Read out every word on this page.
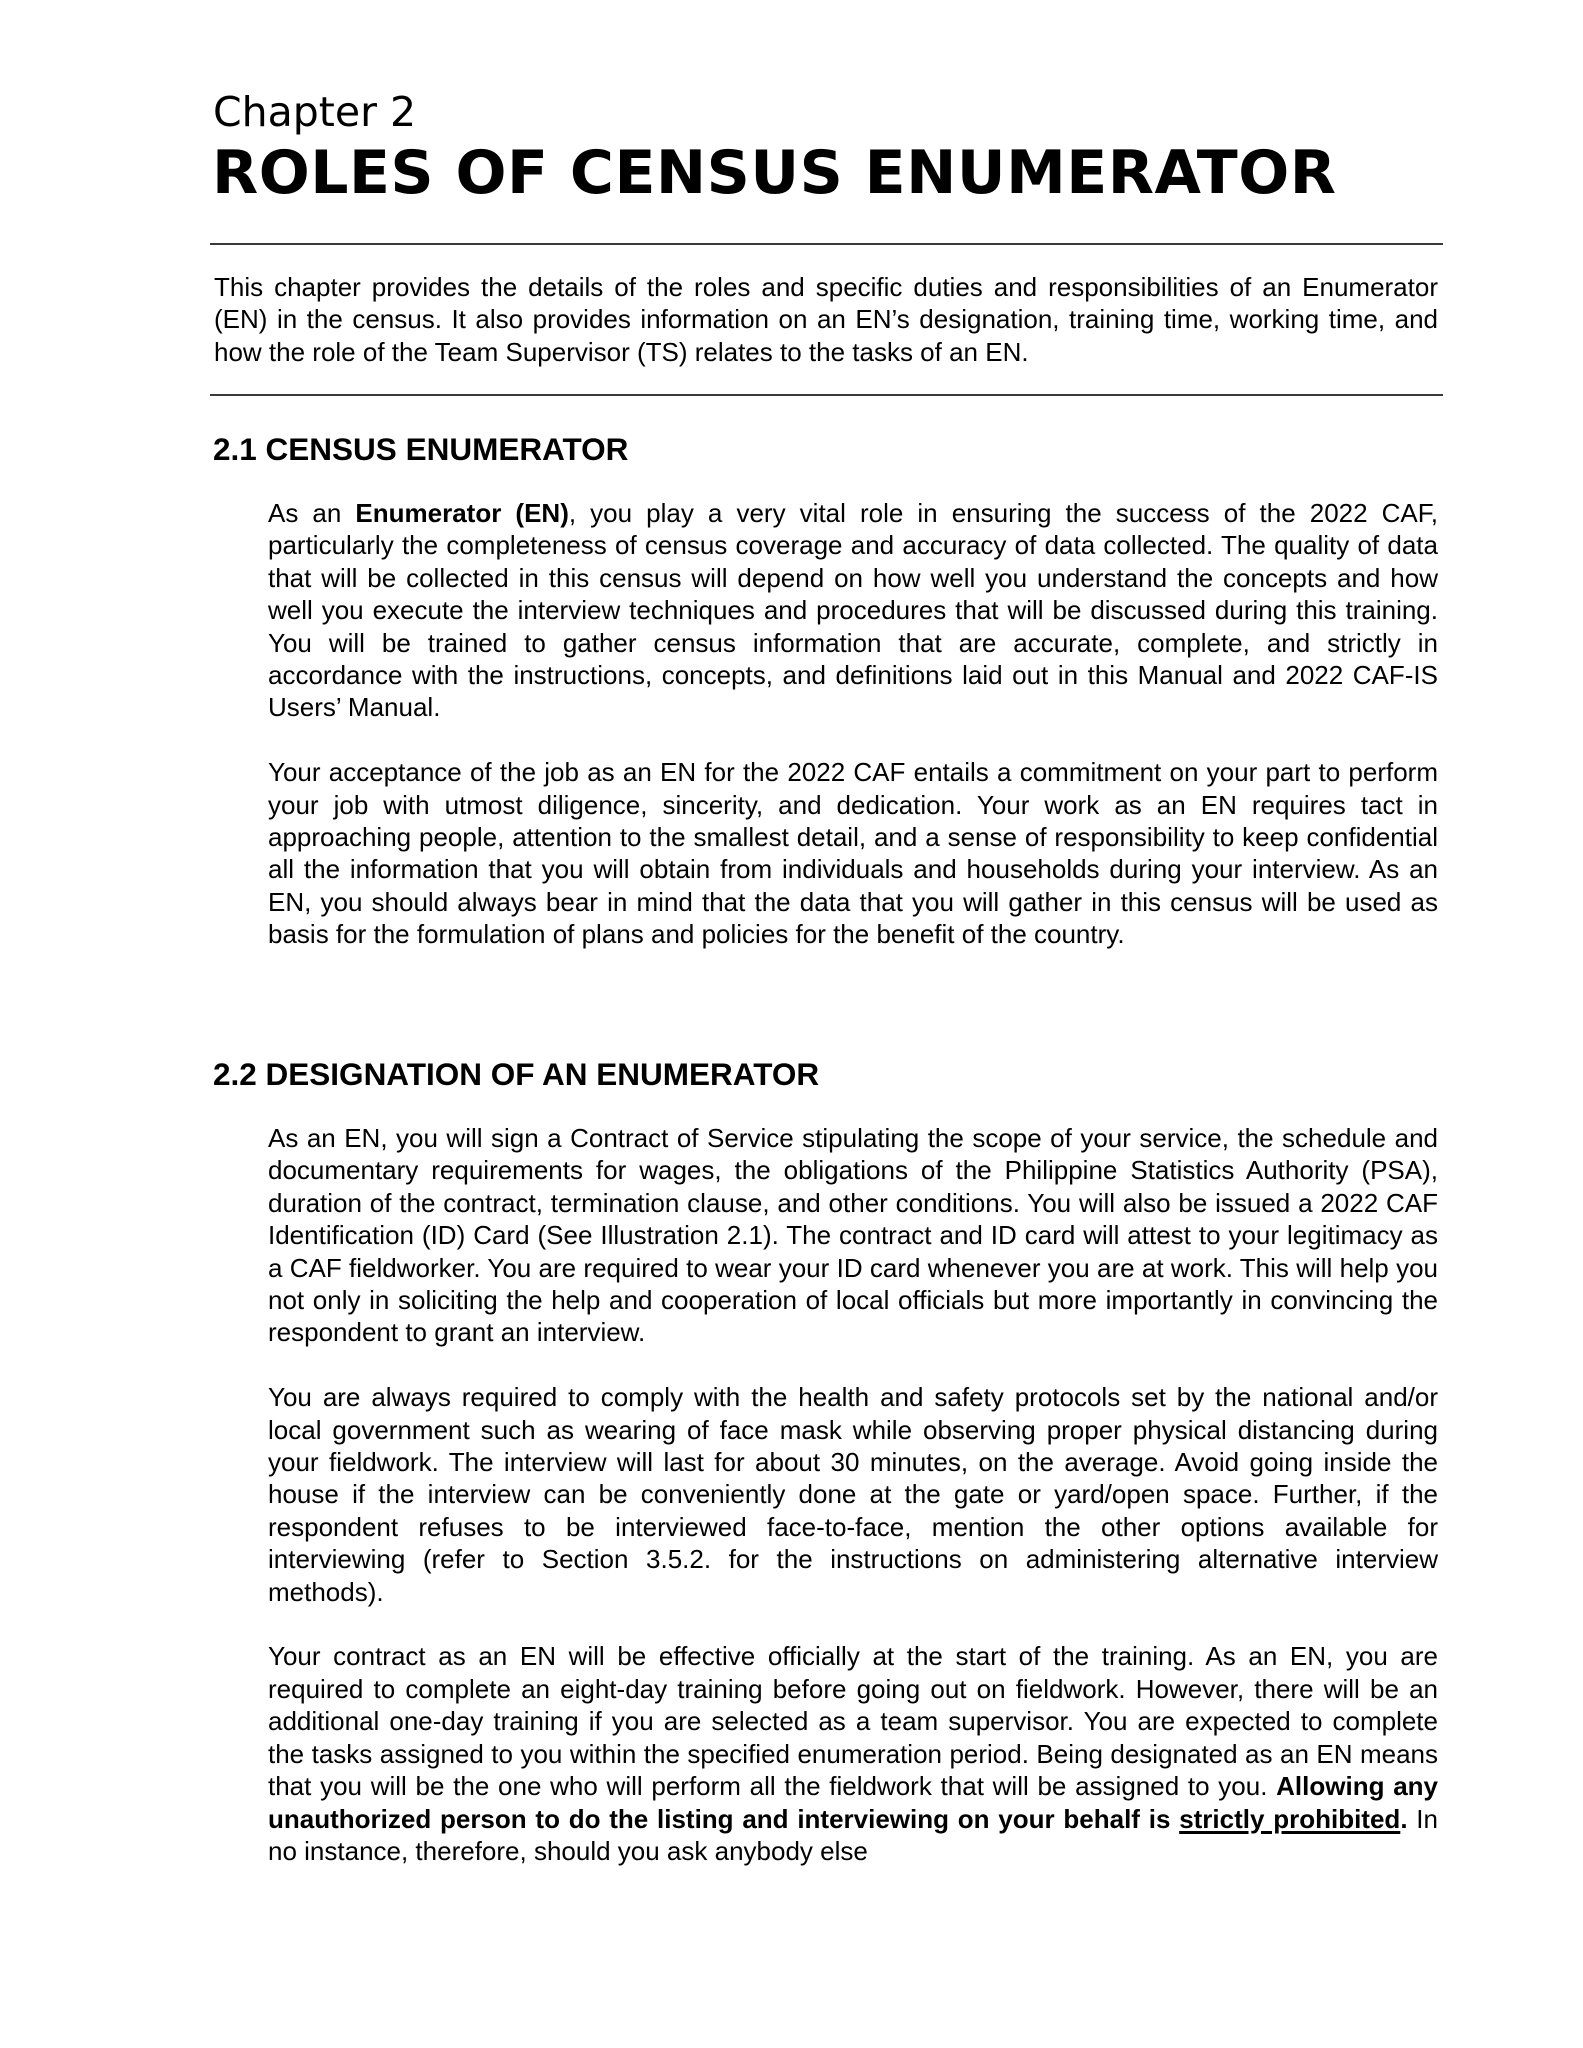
Chapter 2
ROLES OF CENSUS ENUMERATOR

This chapter provides the details of the roles and specific duties and responsibilities of an Enumerator (EN) in the census. It also provides information on an EN’s designation, training time, working time, and how the role of the Team Supervisor (TS) relates to the tasks of an EN.

2.1 CENSUS ENUMERATOR

As an Enumerator (EN), you play a very vital role in ensuring the success of the 2022 CAF, particularly the completeness of census coverage and accuracy of data collected. The quality of data that will be collected in this census will depend on how well you understand the concepts and how well you execute the interview techniques and procedures that will be discussed during this training. You will be trained to gather census information that are accurate, complete, and strictly in accordance with the instructions, concepts, and definitions laid out in this Manual and 2022 CAF-IS Users’ Manual.

Your acceptance of the job as an EN for the 2022 CAF entails a commitment on your part to perform your job with utmost diligence, sincerity, and dedication. Your work as an EN requires tact in approaching people, attention to the smallest detail, and a sense of responsibility to keep confidential all the information that you will obtain from individuals and households during your interview. As an EN, you should always bear in mind that the data that you will gather in this census will be used as basis for the formulation of plans and policies for the benefit of the country.

2.2 DESIGNATION OF AN ENUMERATOR

As an EN, you will sign a Contract of Service stipulating the scope of your service, the schedule and documentary requirements for wages, the obligations of the Philippine Statistics Authority (PSA), duration of the contract, termination clause, and other conditions. You will also be issued a 2022 CAF Identification (ID) Card (See Illustration 2.1). The contract and ID card will attest to your legitimacy as a CAF fieldworker. You are required to wear your ID card whenever you are at work. This will help you not only in soliciting the help and cooperation of local officials but more importantly in convincing the respondent to grant an interview.

You are always required to comply with the health and safety protocols set by the national and/or local government such as wearing of face mask while observing proper physical distancing during your fieldwork. The interview will last for about 30 minutes, on the average. Avoid going inside the house if the interview can be conveniently done at the gate or yard/open space. Further, if the respondent refuses to be interviewed face-to-face, mention the other options available for interviewing (refer to Section 3.5.2. for the instructions on administering alternative interview methods).

Your contract as an EN will be effective officially at the start of the training. As an EN, you are required to complete an eight-day training before going out on fieldwork. However, there will be an additional one-day training if you are selected as a team supervisor. You are expected to complete the tasks assigned to you within the specified enumeration period. Being designated as an EN means that you will be the one who will perform all the fieldwork that will be assigned to you. Allowing any unauthorized person to do the listing and interviewing on your behalf is strictly prohibited. In no instance, therefore, should you ask anybody else
